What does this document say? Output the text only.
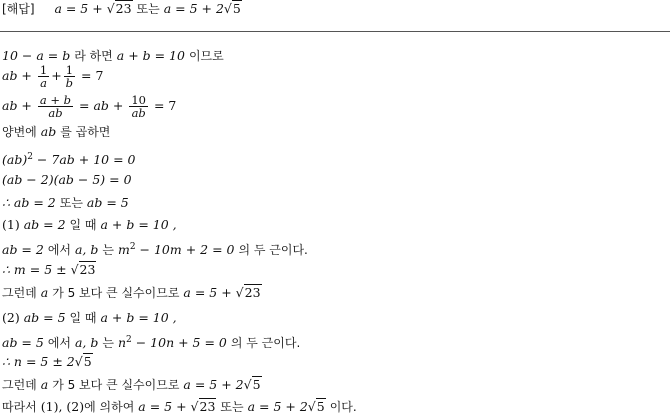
[해답] a = 5 + √23 또는 a = 5 + 2√5
10 − a = b 라 하면 a + b = 10 이므로
ab + $\frac{1}{a} + \frac{1}{b} = 7$
ab + $\frac{a + b}{ab}$ = ab + $\frac{10}{ab} = 7$
양변에 ab 를 곱하면
(ab)$^2$ − 7ab + 10 = 0
(ab − 2)(ab − 5) = 0
∴ ab = 2 또는 ab = 5
(1) ab = 2 일 때 a + b = 10 ,
ab = 2 에서 a, b 는 $m^2 - 10m + 2 = 0$ 의 두 근이다.
∴ m = 5 ± √23
그런데 a 가 5 보다 큰 실수이므로 a = 5 + √23
(2) ab = 5 일 때 a + b = 10 ,
ab = 5 에서 a, b 는 $n^2 - 10n + 5 = 0$ 의 두 근이다.
∴ n = 5 ± 2√5
그런데 a 가 5 보다 큰 실수이므로 a = 5 + 2√5
따라서 (1), (2)에 의하여 a = 5 + √23 또는 a = 5 + 2√5 이다.
